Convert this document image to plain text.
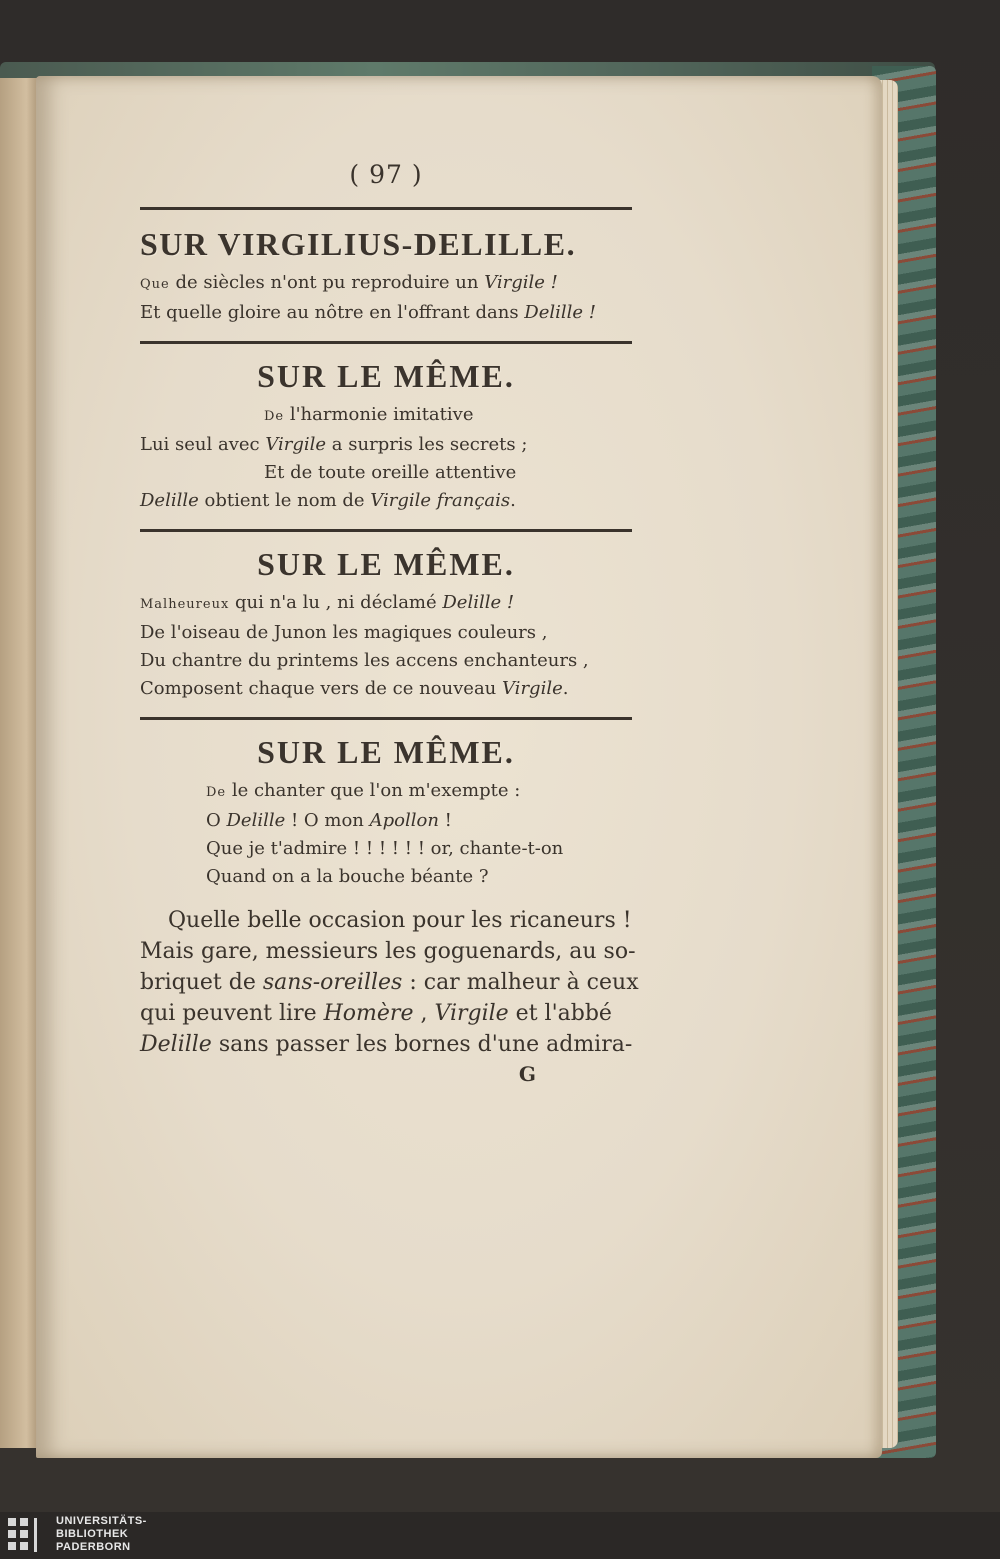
( 97 )
SUR VIRGILIUS-DELILLE.
Que de siècles n'ont pu reproduire un Virgile !
Et quelle gloire au nôtre en l'offrant dans Delille !
SUR LE MÊME.
De l'harmonie imitative
Lui seul avec Virgile a surpris les secrets ;
Et de toute oreille attentive
Delille obtient le nom de Virgile français.
SUR LE MÊME.
Malheureux qui n'a lu , ni déclamé Delille !
De l'oiseau de Junon les magiques couleurs ,
Du chantre du printems les accens enchanteurs ,
Composent chaque vers de ce nouveau Virgile.
SUR LE MÊME.
De le chanter que l'on m'exempte :
O Delille ! O mon Apollon !
Que je t'admire ! ! ! ! ! ! or, chante-t-on
Quand on a la bouche béante ?
Quelle belle occasion pour les ricaneurs !
Mais gare, messieurs les goguenards, au so-
briquet de sans-oreilles : car malheur à ceux
qui peuvent lire Homère , Virgile et l'abbé
Delille sans passer les bornes d'une admira-
G
UNIVERSITÄTS-
BIBLIOTHEK
PADERBORN
